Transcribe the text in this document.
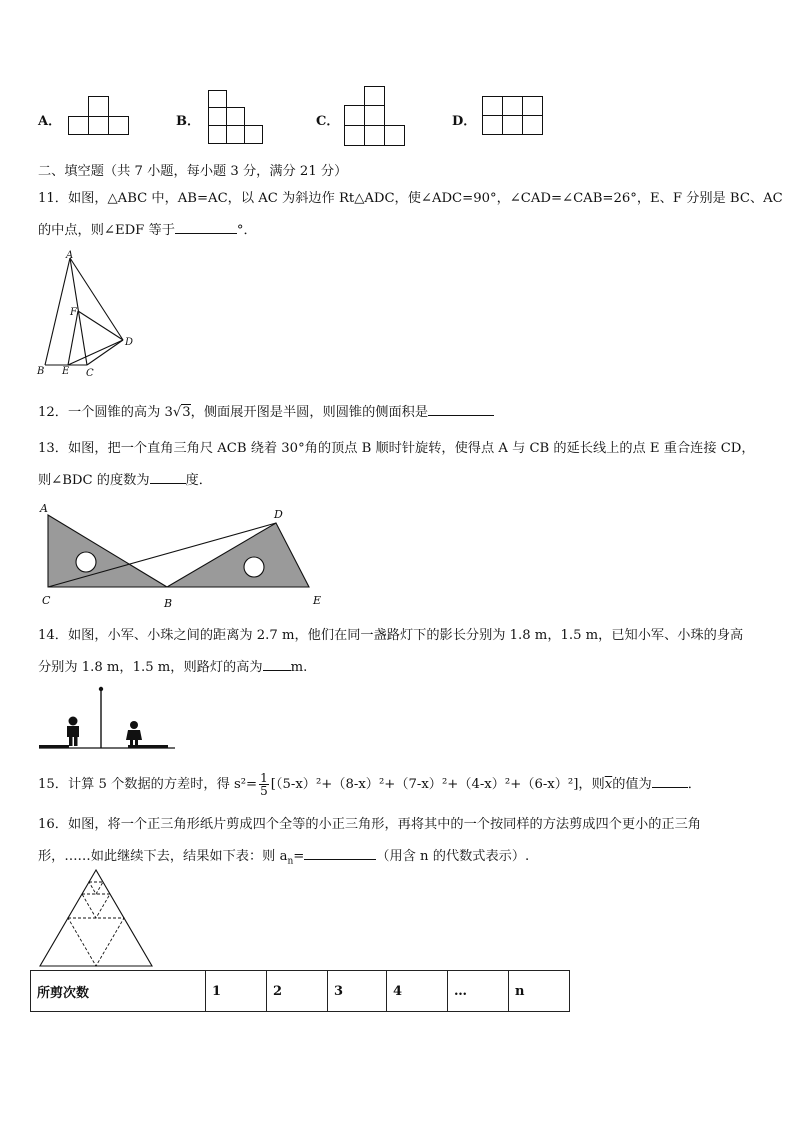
A．	B．	C．	D．
二、填空题（共 7 小题，每小题 3 分，满分 21 分）
11．如图，△ABC 中，AB=AC，以 AC 为斜边作 Rt△ADC，使∠ADC=90°，∠CAD=∠CAB=26°，E、F 分别是 BC、AC
的中点，则∠EDF 等于	°．
A
F
D
B E C
12．一个圆锥的高为 3√3，侧面展开图是半圆，则圆锥的侧面积是
13．如图，把一个直角三角尺 ACB 绕着 30°角的顶点 B 顺时针旋转，使得点 A 与 CB 的延长线上的点 E 重合连接 CD，
则∠BDC 的度数为	度．
A	D
C	B	E
14．如图，小军、小珠之间的距离为 2.7 m，他们在同一盏路灯下的影长分别为 1.8 m，1.5 m，已知小军、小珠的身高
分别为 1.8 m，1.5 m，则路灯的高为 m.
15．计算 5 个数据的方差时，得 $s^2= \frac{1}{5} [(5-x)^2+(8-x)^2+(7-x)^2+(4-x)^2+(6-x)^2]$，则$\overline{x}$的值为	．
16．如图，将一个正三角形纸片剪成四个全等的小正三角形，再将其中的一个按同样的方法剪成四个更小的正三角
形，……如此继续下去，结果如下表：则 $a_n=$	（用含 n 的代数式表示）.
所剪次数	1	2	3	4	…	n
